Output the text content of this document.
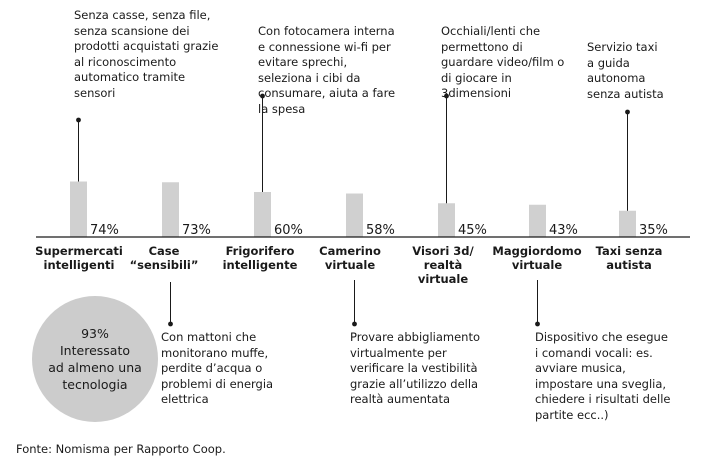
74%	73%	60%	58%	45%	43%	35%
Senza casse, senza file,
senza scansione dei
prodotti acquistati grazie
al riconoscimento
automatico tramite
sensori
Con fotocamera interna
e connessione wi-fi per
evitare sprechi,
seleziona i cibi da
consumare, aiuta a fare
la spesa
Occhiali/lenti che
permettono di
guardare video/film o
di giocare in
3dimensioni
Servizio taxi
a guida
autonoma
senza autista
Con mattoni che
monitorano muffe,
perdite d’acqua o
problemi di energia
elettrica
Provare abbigliamento
virtualmente per
verificare la vestibilità
grazie all’utilizzo della
realtà aumentata
Dispositivo che esegue
i comandi vocali: es.
avviare musica,
impostare una sveglia,
chiedere i risultati delle
partite ecc..)
Supermercati
intelligenti
Case
“sensibili”
Frigorifero
intelligente
Camerino
virtuale
Visori 3d/
realtà
virtuale
Maggiordomo
virtuale
Taxi senza
autista
93%
Interessato
ad almeno una
tecnologia
Fonte: Nomisma per Rapporto Coop.
